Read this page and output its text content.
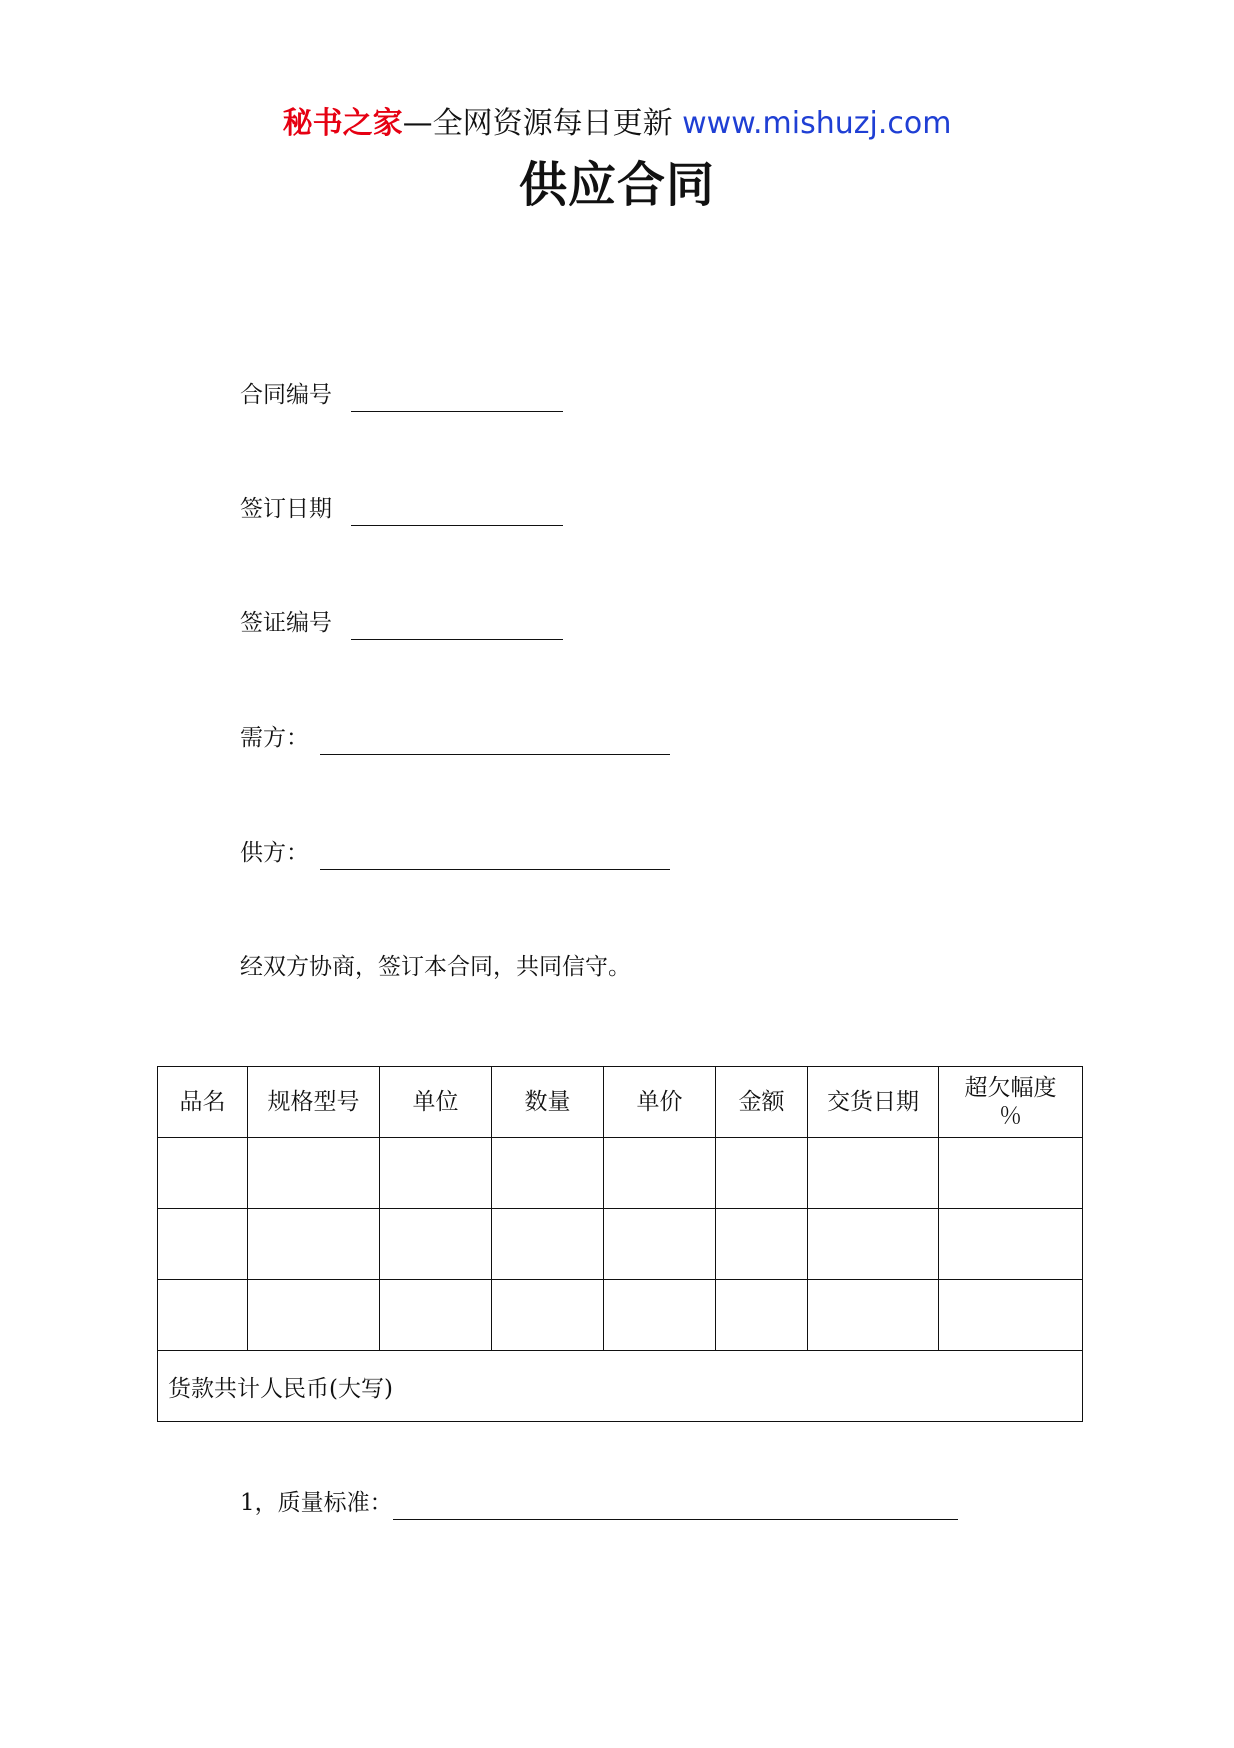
秘书之家—全网资源每日更新 www.mishuzj.com
供应合同
合同编号
签订日期
签证编号
需方：
供方：
经双方协商，签订本合同，共同信守。
品名	规格型号	单位	数量	单价	金额	交货日期	超欠幅度
％

货款共计人民币(大写)							
1，质量标准：
